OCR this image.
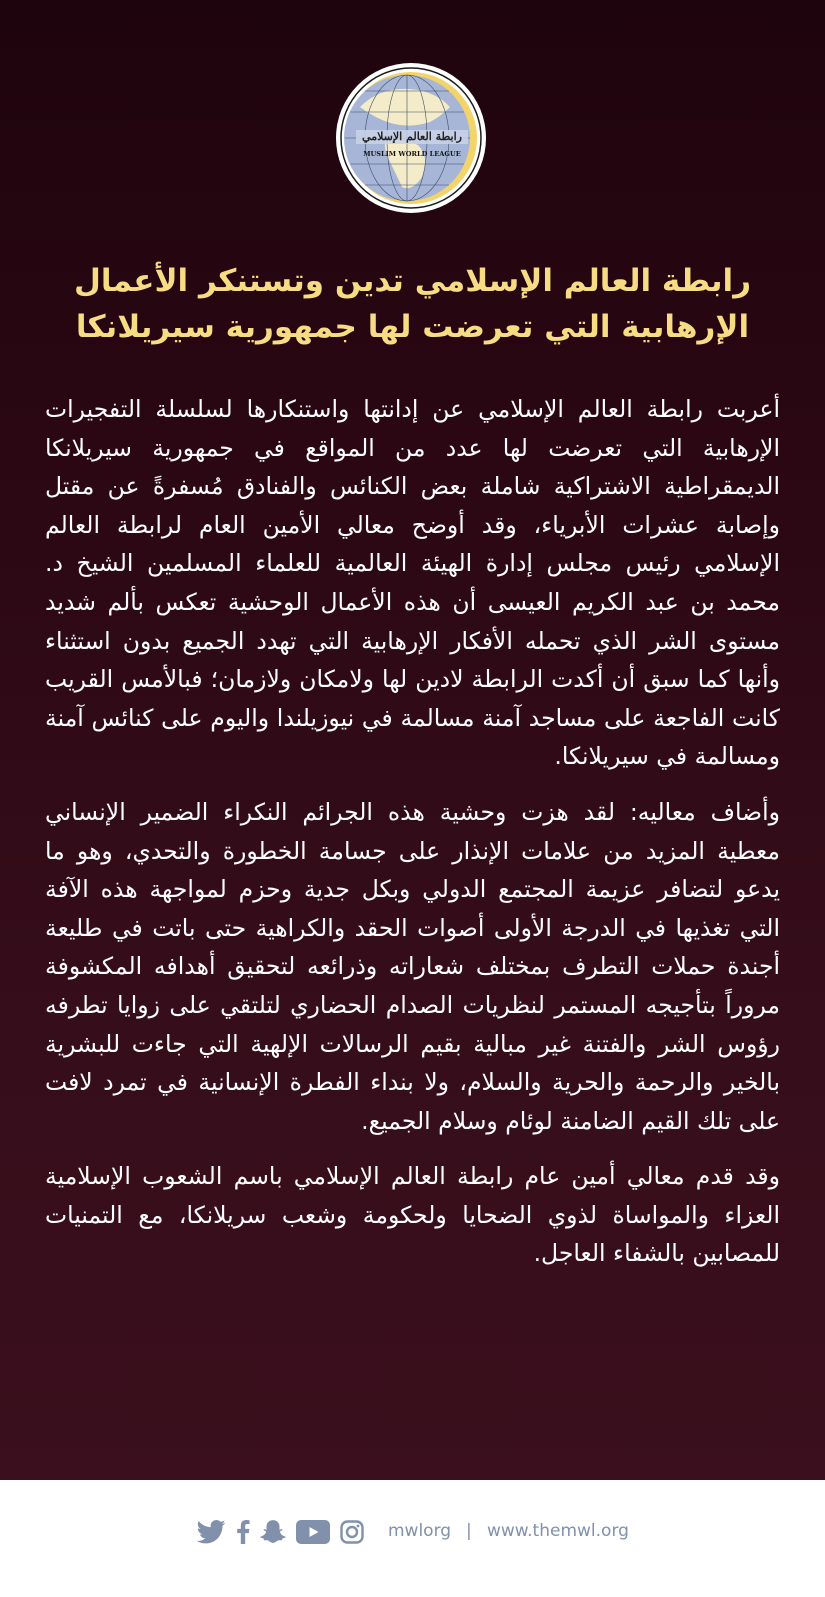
رابطة العالم الإسلامي
MUSLIM WORLD LEAGUE
رابطة العالم الإسلامي تدين وتستنكر الأعمال
الإرهابية التي تعرضت لها جمهورية سيريلانكا

أعربت رابطة العالم الإسلامي عن إدانتها واستنكارها لسلسلة التفجيرات الإرهابية التي تعرضت لها عدد من المواقع في جمهورية سيريلانكا الديمقراطية الاشتراكية شاملة بعض الكنائس والفنادق مُسفرةً عن مقتل وإصابة عشرات الأبرياء، وقد أوضح معالي الأمين العام لرابطة العالم الإسلامي رئيس مجلس إدارة الهيئة العالمية للعلماء المسلمين الشيخ د. محمد بن عبد الكريم العيسى أن هذه الأعمال الوحشية تعكس بألم شديد مستوى الشر الذي تحمله الأفكار الإرهابية التي تهدد الجميع بدون استثناء وأنها كما سبق أن أكدت الرابطة لادين لها ولامكان ولازمان؛ فبالأمس القريب كانت الفاجعة على مساجد آمنة مسالمة في نيوزيلندا واليوم على كنائس آمنة ومسالمة في سيريلانكا.

وأضاف معاليه: لقد هزت وحشية هذه الجرائم النكراء الضمير الإنساني معطية المزيد من علامات الإنذار على جسامة الخطورة والتحدي، وهو ما يدعو لتضافر عزيمة المجتمع الدولي وبكل جدية وحزم لمواجهة هذه الآفة التي تغذيها في الدرجة الأولى أصوات الحقد والكراهية حتى باتت في طليعة أجندة حملات التطرف بمختلف شعاراته وذرائعه لتحقيق أهدافه المكشوفة مروراً بتأجيجه المستمر لنظريات الصدام الحضاري لتلتقي على زوايا تطرفه رؤوس الشر والفتنة غير مبالية بقيم الرسالات الإلهية التي جاءت للبشرية بالخير والرحمة والحرية والسلام، ولا بنداء الفطرة الإنسانية في تمرد لافت على تلك القيم الضامنة لوئام وسلام الجميع.

وقد قدم معالي أمين عام رابطة العالم الإسلامي باسم الشعوب الإسلامية العزاء والمواساة لذوي الضحايا ولحكومة وشعب سريلانكا، مع التمنيات للمصابين بالشفاء العاجل.

mwlorg | www.themwl.org
